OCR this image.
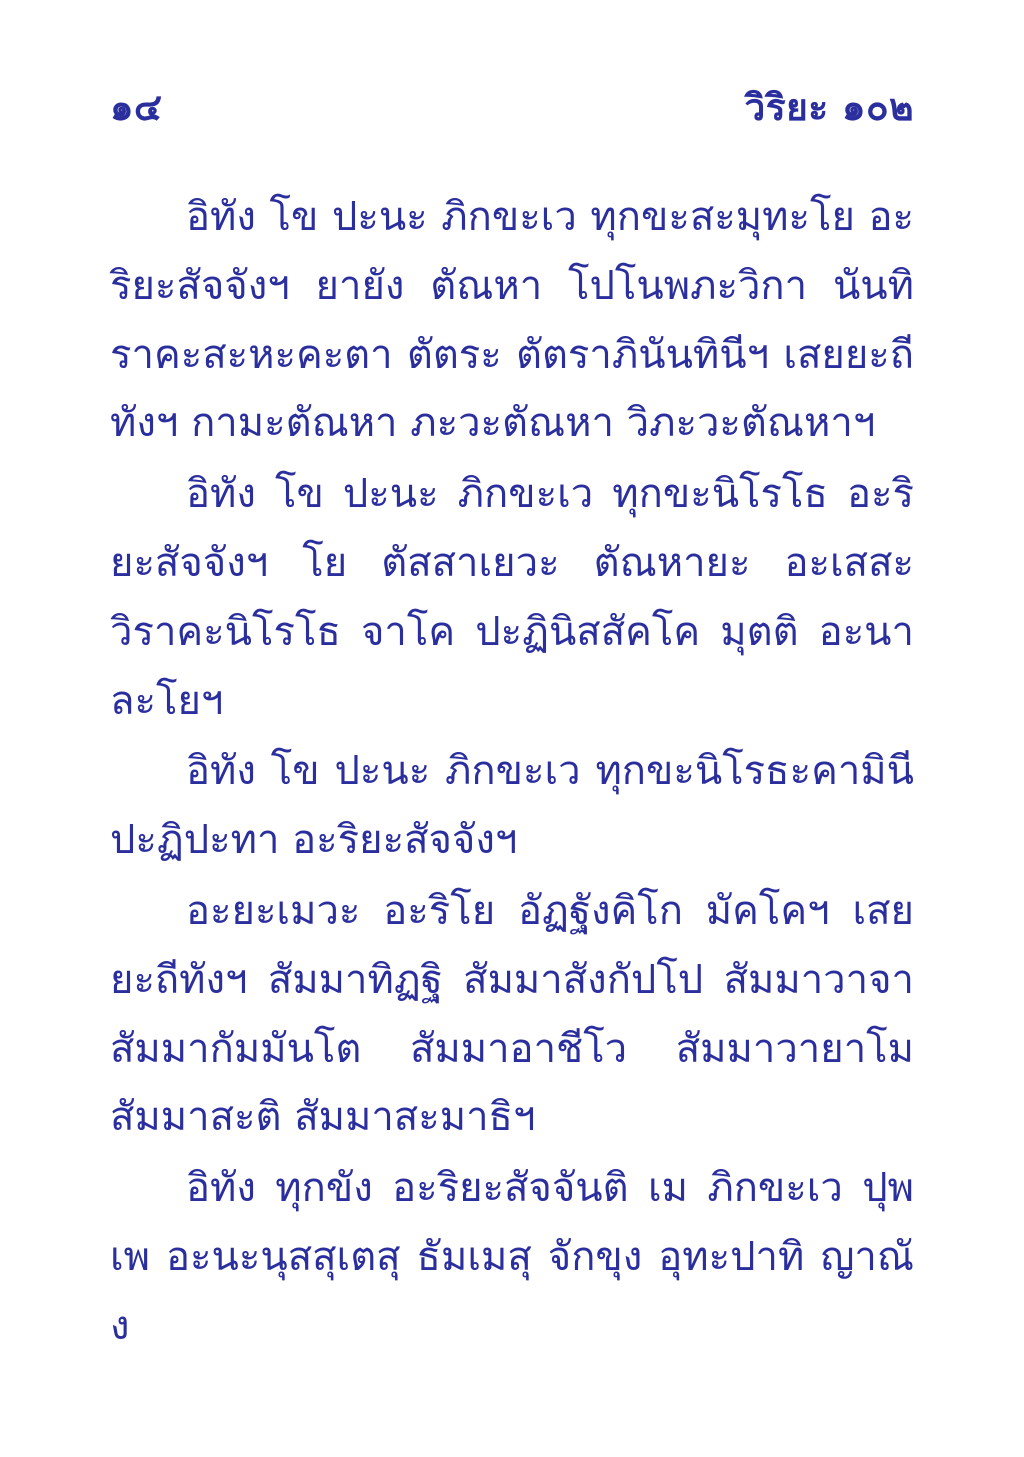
๑๔	วิริยะ ๑๐๒

อิทัง โข ปะนะ ภิกขะเว ทุกขะสะมุทะโย อะริยะสัจจังฯ ยายัง ตัณหา โปโนพภะวิกา นันทิราคะสะหะคะตา ตัตระ ตัตราภินันทินีฯ เสยยะถีทังฯ กามะตัณหา ภะวะตัณหา วิภะวะตัณหาฯ

อิทัง โข ปะนะ ภิกขะเว ทุกขะนิโรโธ อะริยะสัจจังฯ โย ตัสสาเยวะ ตัณหายะ อะเสสะวิราคะนิโรโธ จาโค ปะฏินิสสัคโค มุตติ อะนาละโยฯ

อิทัง โข ปะนะ ภิกขะเว ทุกขะนิโรธะคามินี ปะฏิปะทา อะริยะสัจจังฯ

อะยะเมวะ อะริโย อัฏฐังคิโก มัคโคฯ เสยยะถีทังฯ สัมมาทิฏฐิ สัมมาสังกัปโป สัมมาวาจา สัมมากัมมันโต สัมมาอาชีโว สัมมาวายาโม สัมมาสะติ สัมมาสะมาธิฯ

อิทัง ทุกขัง อะริยะสัจจันติ เม ภิกขะเว ปุพเพ อะนะนุสสุเตสุ ธัมเมสุ จักขุง อุทะปาทิ ญาณัง
